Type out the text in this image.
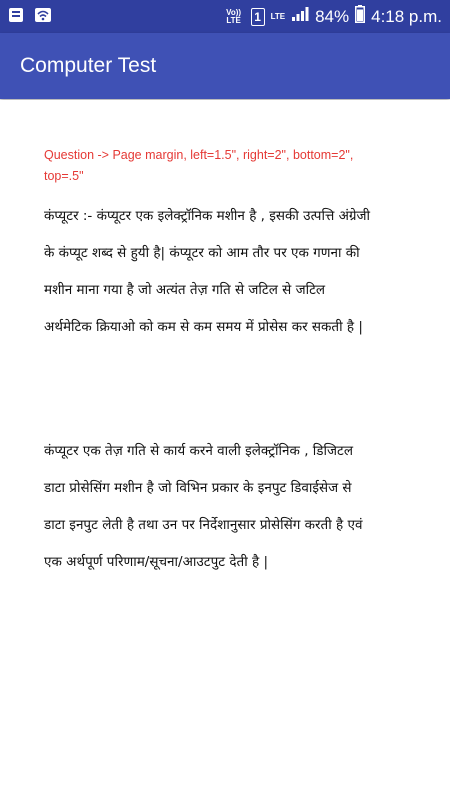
Vo)) LTE	1	LTE 84% 4:18 p.m.
Computer Test
Question -> Page margin, left=1.5", right=2", bottom=2", top=.5"
कंप्यूटर :- कंप्यूटर एक इलेक्ट्रॉनिक मशीन है , इसकी उत्पत्ति अंग्रेजी के कंप्यूट शब्द से हुयी है| कंप्यूटर को आम तौर पर एक गणना की मशीन माना गया है जो अत्यंत तेज़ गति से जटिल से जटिल अर्थमेटिक क्रियाओ को कम से कम समय में प्रोसेस कर सकती है |
कंप्यूटर एक तेज़ गति से कार्य करने वाली इलेक्ट्रॉनिक , डिजिटल डाटा प्रोसेसिंग मशीन है जो विभिन प्रकार के इनपुट डिवाईसेज से डाटा इनपुट लेती है तथा उन पर निर्देशानुसार प्रोसेसिंग करती है एवं एक अर्थपूर्ण परिणाम/सूचना/आउटपुट देती है |
